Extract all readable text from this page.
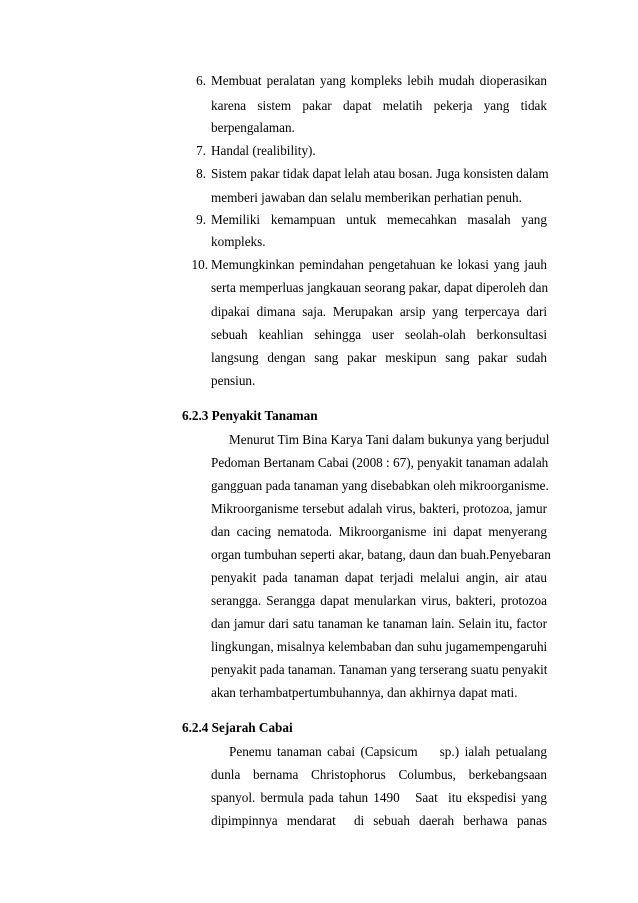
6. Membuat peralatan yang kompleks lebih mudah dioperasikan
karena sistem pakar dapat melatih pekerja yang tidak
berpengalaman.
7. Handal (realibility).
8. Sistem pakar tidak dapat lelah atau bosan. Juga konsisten dalam
memberi jawaban dan selalu memberikan perhatian penuh.
9. Memiliki kemampuan untuk memecahkan masalah yang
kompleks.
10. Memungkinkan pemindahan pengetahuan ke lokasi yang jauh
serta memperluas jangkauan seorang pakar, dapat diperoleh dan
dipakai dimana saja. Merupakan arsip yang terpercaya dari
sebuah keahlian sehingga user seolah-olah berkonsultasi
langsung dengan sang pakar meskipun sang pakar sudah
pensiun.
6.2.3 Penyakit Tanaman
Menurut Tim Bina Karya Tani dalam bukunya yang berjudul
Pedoman Bertanam Cabai (2008 : 67), penyakit tanaman adalah
gangguan pada tanaman yang disebabkan oleh mikroorganisme.
Mikroorganisme tersebut adalah virus, bakteri, protozoa, jamur
dan cacing nematoda. Mikroorganisme ini dapat menyerang
organ tumbuhan seperti akar, batang, daun dan buah.Penyebaran
penyakit pada tanaman dapat terjadi melalui angin, air atau
serangga. Serangga dapat menularkan virus, bakteri, protozoa
dan jamur dari satu tanaman ke tanaman lain. Selain itu, factor
lingkungan, misalnya kelembaban dan suhu jugamempengaruhi
penyakit pada tanaman. Tanaman yang terserang suatu penyakit
akan terhambatpertumbuhannya, dan akhirnya dapat mati.
6.2.4 Sejarah Cabai
Penemu tanaman cabai (Capsicum    sp.) ialah petualang
dunla bernama Christophorus Columbus, berkebangsaan
spanyol. bermula pada tahun 1490   Saat  itu ekspedisi yang
dipimpinnya mendarat  di sebuah daerah berhawa panas
